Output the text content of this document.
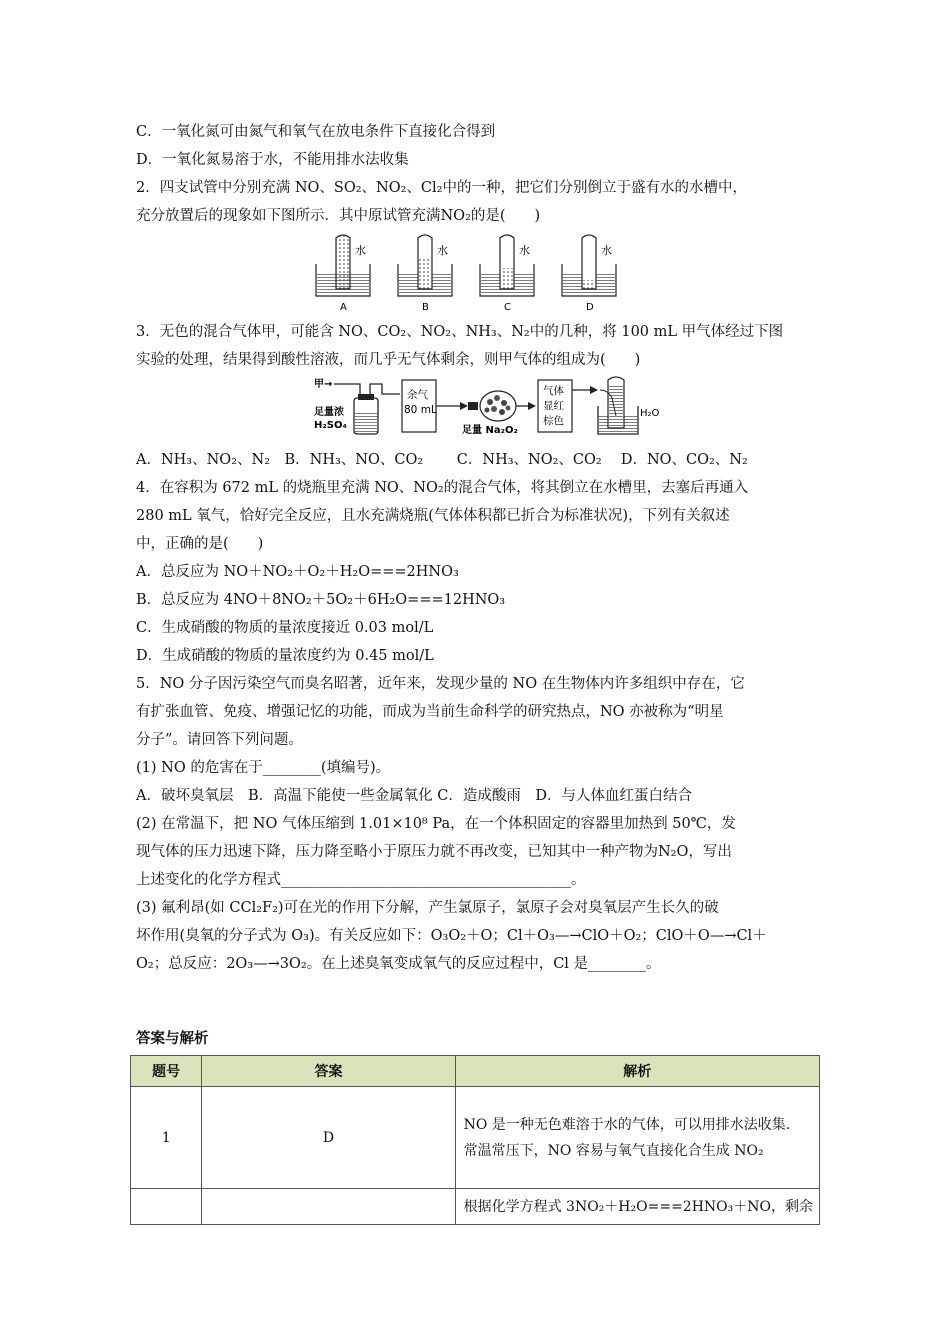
C．一氧化氮可由氮气和氧气在放电条件下直接化合得到
D．一氧化氮易溶于水，不能用排水法收集
2．四支试管中分别充满 NO、SO₂、NO₂、Cl₂中的一种，把它们分别倒立于盛有水的水槽中，
充分放置后的现象如下图所示．其中原试管充满NO₂的是(　　)
水
A
水
B
水
C
水
D
3．无色的混合气体甲，可能含 NO、CO₂、NO₂、NH₃、N₂中的几种，将 100 mL 甲气体经过下图
实验的处理，结果得到酸性溶液，而几乎无气体剩余，则甲气体的组成为(　　)
甲→
足量浓
H₂SO₄
余气
80 mL
足量 Na₂O₂
气体
显红
棕色
H₂O
A．NH₃、NO₂、N₂　B．NH₃、NO、CO₂　　 C．NH₃、NO₂、CO₂　 D．NO、CO₂、N₂
4．在容积为 672 mL 的烧瓶里充满 NO、NO₂的混合气体，将其倒立在水槽里，去塞后再通入
280 mL 氧气，恰好完全反应，且水充满烧瓶(气体体积都已折合为标准状况)，下列有关叙述
中，正确的是(　　)
A．总反应为 NO＋NO₂＋O₂＋H₂O===2HNO₃
B．总反应为 4NO＋8NO₂＋5O₂＋6H₂O===12HNO₃
C．生成硝酸的物质的量浓度接近 0.03 mol/L
D．生成硝酸的物质的量浓度约为 0.45 mol/L
5．NO 分子因污染空气而臭名昭著，近年来，发现少量的 NO 在生物体内许多组织中存在，它
有扩张血管、免疫、增强记忆的功能，而成为当前生命科学的研究热点，NO 亦被称为“明星
分子”。请回答下列问题。
(1) NO 的危害在于________(填编号)。
A．破坏臭氧层　B．高温下能使一些金属氧化 C．造成酸雨　D．与人体血红蛋白结合
(2) 在常温下，把 NO 气体压缩到 1.01×10⁸ Pa，在一个体积固定的容器里加热到 50℃，发
现气体的压力迅速下降，压力降至略小于原压力就不再改变，已知其中一种产物为N₂O，写出
上述变化的化学方程式________________________________________。
(3) 氟利昂(如 CCl₂F₂)可在光的作用下分解，产生氯原子，氯原子会对臭氧层产生长久的破
坏作用(臭氧的分子式为 O₃)。有关反应如下：O₃O₂＋O；Cl＋O₃—→ClO＋O₂；ClO＋O—→Cl＋
O₂；总反应：2O₃—→3O₂。在上述臭氧变成氧气的反应过程中，Cl 是________。
答案与解析
题号	答案	解析
1	D	NO 是一种无色难溶于水的气体，可以用排水法收集．常温常压下，NO 容易与氧气直接化合生成 NO₂
		根据化学方程式 3NO₂＋H₂O===2HNO₃＋NO，剩余
